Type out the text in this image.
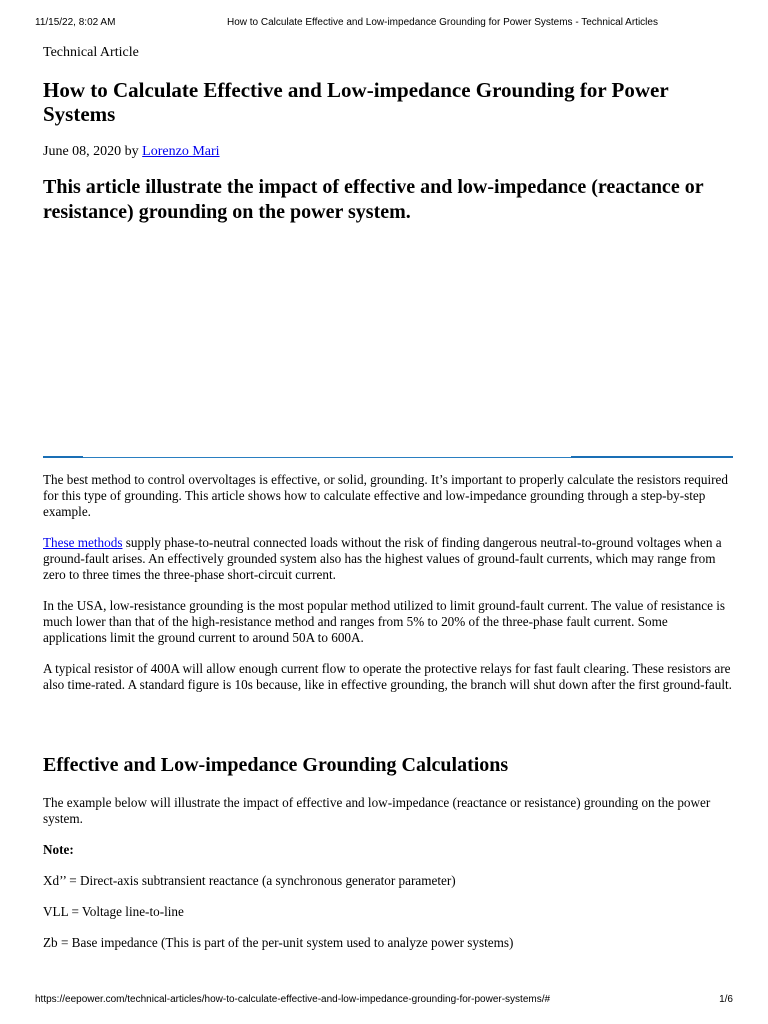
11/15/22, 8:02 AM	How to Calculate Effective and Low-impedance Grounding for Power Systems - Technical Articles

Technical Article

How to Calculate Effective and Low-impedance Grounding for Power Systems

June 08, 2020 by Lorenzo Mari

This article illustrate the impact of effective and low-impedance (reactance or resistance) grounding on the power system.

The best method to control overvoltages is effective, or solid, grounding. It’s important to properly calculate the resistors required for this type of grounding. This article shows how to calculate effective and low-impedance grounding through a step-by-step example.

These methods supply phase-to-neutral connected loads without the risk of finding dangerous neutral-to-ground voltages when a ground-fault arises. An effectively grounded system also has the highest values of ground-fault currents, which may range from zero to three times the three-phase short-circuit current.

In the USA, low-resistance grounding is the most popular method utilized to limit ground-fault current. The value of resistance is much lower than that of the high-resistance method and ranges from 5% to 20% of the three-phase fault current. Some applications limit the ground current to around 50A to 600A.

A typical resistor of 400A will allow enough current flow to operate the protective relays for fast fault clearing. These resistors are also time-rated. A standard figure is 10s because, like in effective grounding, the branch will shut down after the first ground-fault.

Effective and Low-impedance Grounding Calculations

The example below will illustrate the impact of effective and low-impedance (reactance or resistance) grounding on the power system.

Note:

Xd’’ = Direct-axis subtransient reactance (a synchronous generator parameter)

VLL = Voltage line-to-line

Zb = Base impedance (This is part of the per-unit system used to analyze power systems)

https://eepower.com/technical-articles/how-to-calculate-effective-and-low-impedance-grounding-for-power-systems/#	1/6
